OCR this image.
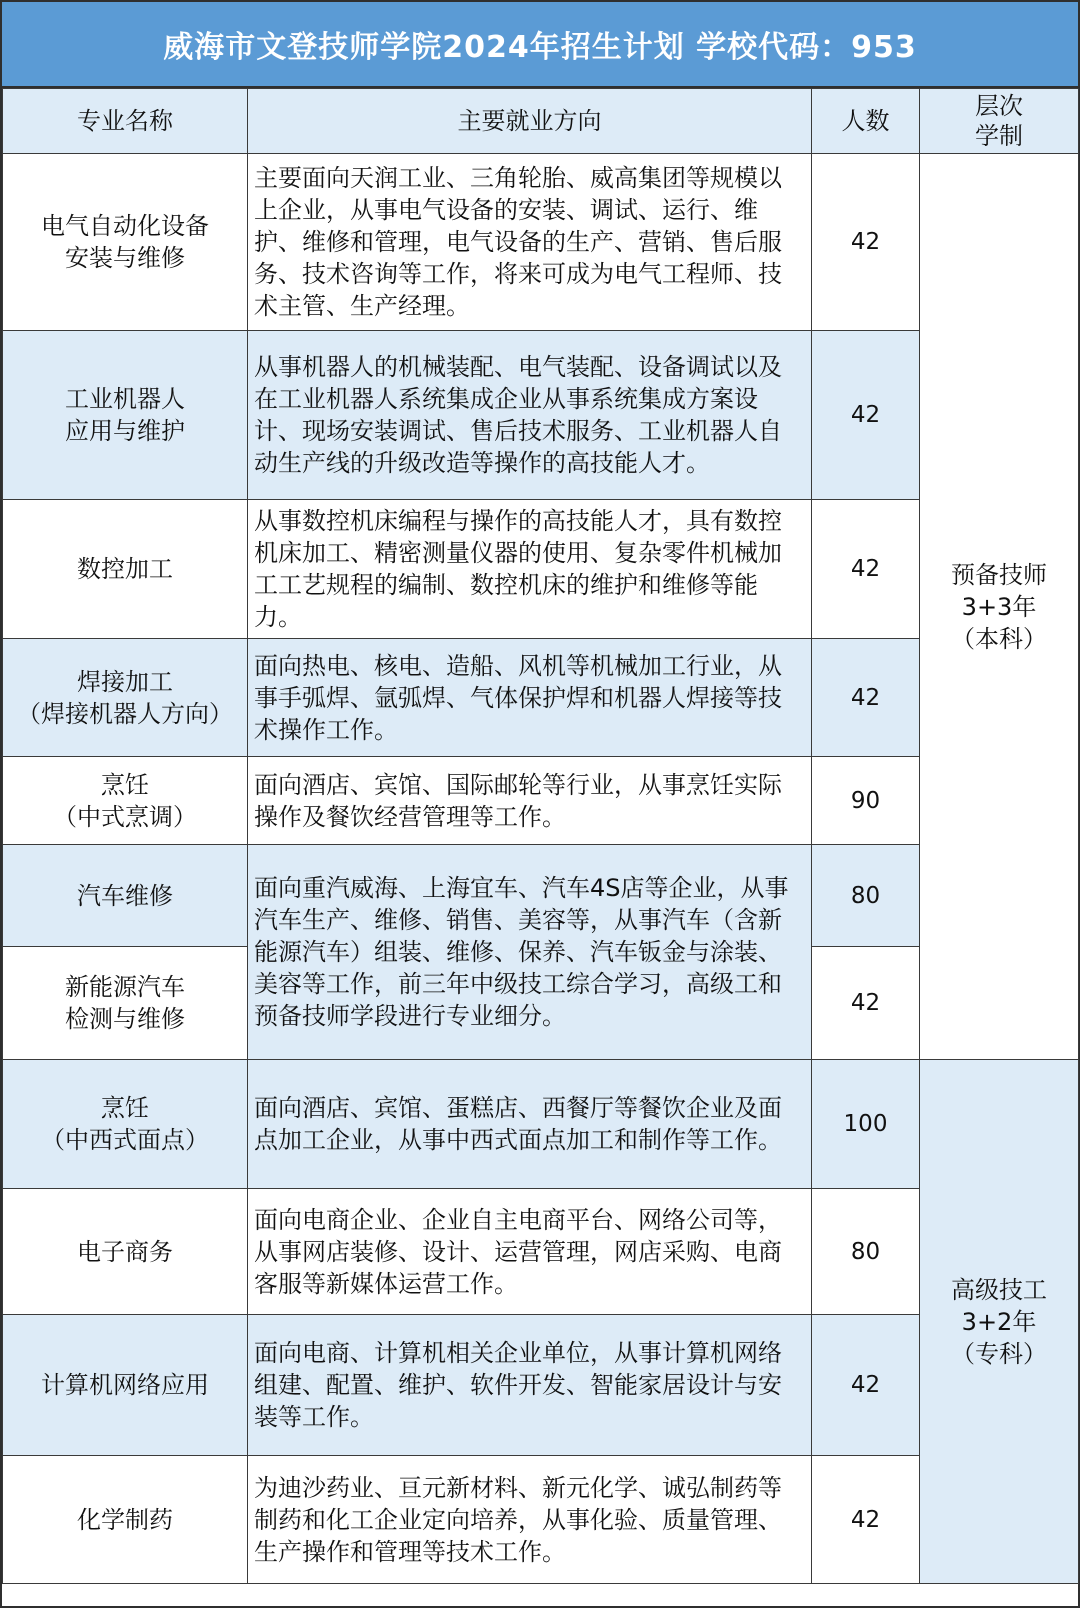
威海市文登技师学院2024年招生计划 学校代码：953
专业名称	主要就业方向	人数	层次
学制

电气自动化设备
安装与维修	主要面向天润工业、三角轮胎、威高集团等规模以上企业，从事电气设备的安装、调试、运行、维护、维修和管理，电气设备的生产、营销、售后服务、技术咨询等工作，将来可成为电气工程师、技术主管、生产经理。	42	预备技师
3+3年
（本科）

工业机器人
应用与维护	从事机器人的机械装配、电气装配、设备调试以及在工业机器人系统集成企业从事系统集成方案设计、现场安装调试、售后技术服务、工业机器人自动生产线的升级改造等操作的高技能人才。	42	

数控加工	从事数控机床编程与操作的高技能人才，具有数控机床加工、精密测量仪器的使用、复杂零件机械加工工艺规程的编制、数控机床的维护和维修等能力。	42	

焊接加工
（焊接机器人方向）	面向热电、核电、造船、风机等机械加工行业，从事手弧焊、氩弧焊、气体保护焊和机器人焊接等技术操作工作。	42	

烹饪
（中式烹调）	面向酒店、宾馆、国际邮轮等行业，从事烹饪实际操作及餐饮经营管理等工作。	90	

汽车维修	面向重汽威海、上海宜车、汽车4S店等企业，从事汽车生产、维修、销售、美容等，从事汽车（含新能源汽车）组装、维修、保养、汽车钣金与涂装、美容等工作，前三年中级技工综合学习，高级工和预备技师学段进行专业细分。	80	

新能源汽车
检测与维修		42	

烹饪
（中西式面点）	面向酒店、宾馆、蛋糕店、西餐厅等餐饮企业及面点加工企业，从事中西式面点加工和制作等工作。	100	高级技工
3+2年
（专科）

电子商务	面向电商企业、企业自主电商平台、网络公司等，从事网店装修、设计、运营管理，网店采购、电商客服等新媒体运营工作。	80	

计算机网络应用	面向电商、计算机相关企业单位，从事计算机网络组建、配置、维护、软件开发、智能家居设计与安装等工作。	42	

化学制药	为迪沙药业、亘元新材料、新元化学、诚弘制药等制药和化工企业定向培养，从事化验、质量管理、生产操作和管理等技术工作。	42	
